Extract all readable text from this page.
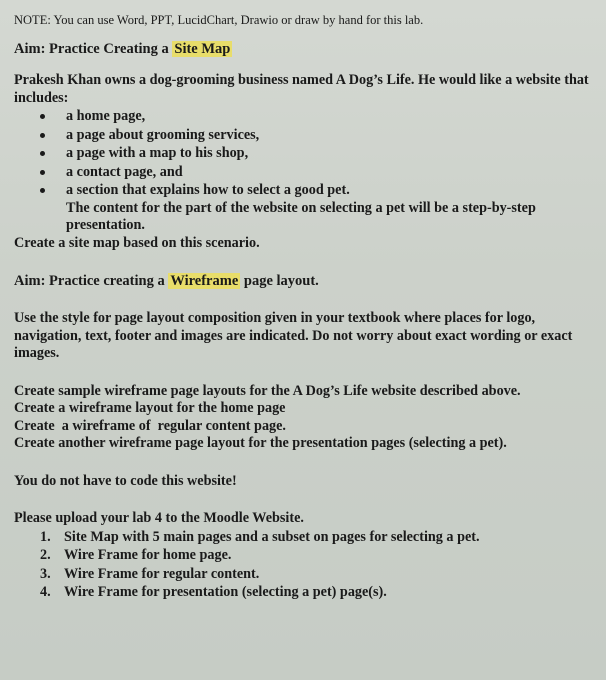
NOTE: You can use Word, PPT, LucidChart, Drawio or draw by hand for this lab.

Aim: Practice Creating a Site Map

Prakesh Khan owns a dog-grooming business named A Dog’s Life. He would like a website that includes:

a home page,
a page about grooming services,
a page with a map to his shop,
a contact page, and
a section that explains how to select a good pet.

The content for the part of the website on selecting a pet will be a step-by-step presentation.

Create a site map based on this scenario.

Aim: Practice creating a Wireframe page layout.

Use the style for page layout composition given in your textbook where places for logo, navigation, text, footer and images are indicated. Do not worry about exact wording or exact images.

Create sample wireframe page layouts for the A Dog’s Life website described above.

Create a wireframe layout for the home page

Create  a wireframe of  regular content page.

Create another wireframe page layout for the presentation pages (selecting a pet).

You do not have to code this website!

Please upload your lab 4 to the Moodle Website.

1. Site Map with 5 main pages and a subset on pages for selecting a pet.
2. Wire Frame for home page.
3. Wire Frame for regular content.
4. Wire Frame for presentation (selecting a pet) page(s).
